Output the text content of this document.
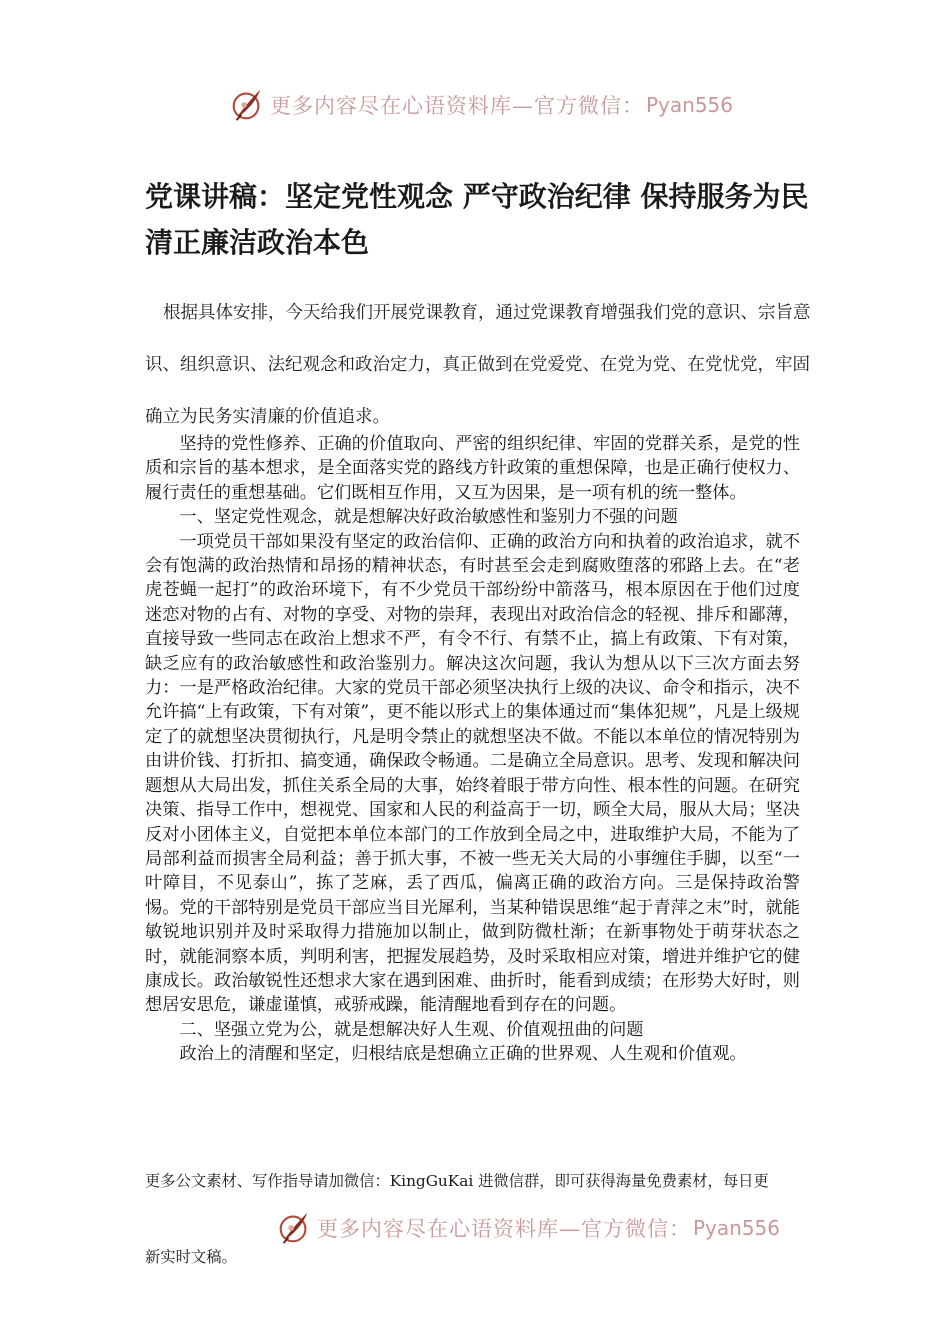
更多内容尽在心语资料库—官方微信： Pyan556
党课讲稿：坚定党性观念 严守政治纪律 保持服务为民清正廉洁政治本色

根据具体安排，今天给我们开展党课教育，通过党课教育增强我们党的意识、宗旨意识、组织意识、法纪观念和政治定力，真正做到在党爱党、在党为党、在党忧党，牢固确立为民务实清廉的价值追求。

坚持的党性修养、正确的价值取向、严密的组织纪律、牢固的党群关系，是党的性质和宗旨的基本想求，是全面落实党的路线方针政策的重想保障，也是正确行使权力、履行责任的重想基础。它们既相互作用，又互为因果，是一项有机的统一整体。

一、坚定党性观念，就是想解决好政治敏感性和鉴别力不强的问题

一项党员干部如果没有坚定的政治信仰、正确的政治方向和执着的政治追求，就不会有饱满的政治热情和昂扬的精神状态，有时甚至会走到腐败堕落的邪路上去。在“老虎苍蝇一起打”的政治环境下，有不少党员干部纷纷中箭落马，根本原因在于他们过度迷恋对物的占有、对物的享受、对物的崇拜，表现出对政治信念的轻视、排斥和鄙薄，直接导致一些同志在政治上想求不严，有令不行、有禁不止，搞上有政策、下有对策，缺乏应有的政治敏感性和政治鉴别力。解决这次问题，我认为想从以下三次方面去努力：一是严格政治纪律。大家的党员干部必须坚决执行上级的决议、命令和指示，决不允许搞“上有政策，下有对策”，更不能以形式上的集体通过而“集体犯规”，凡是上级规定了的就想坚决贯彻执行，凡是明令禁止的就想坚决不做。不能以本单位的情况特别为由讲价钱、打折扣、搞变通，确保政令畅通。二是确立全局意识。思考、发现和解决问题想从大局出发，抓住关系全局的大事，始终着眼于带方向性、根本性的问题。在研究决策、指导工作中，想视党、国家和人民的利益高于一切，顾全大局，服从大局；坚决反对小团体主义，自觉把本单位本部门的工作放到全局之中，进取维护大局，不能为了局部利益而损害全局利益；善于抓大事，不被一些无关大局的小事缠住手脚，以至“一叶障目，不见泰山”，拣了芝麻，丢了西瓜，偏离正确的政治方向。三是保持政治警惕。党的干部特别是党员干部应当目光犀利，当某种错误思维“起于青萍之末”时，就能敏锐地识别并及时采取得力措施加以制止，做到防微杜渐；在新事物处于萌芽状态之时，就能洞察本质，判明利害，把握发展趋势，及时采取相应对策，增进并维护它的健康成长。政治敏锐性还想求大家在遇到困难、曲折时，能看到成绩；在形势大好时，则想居安思危，谦虚谨慎，戒骄戒躁，能清醒地看到存在的问题。

二、坚强立党为公，就是想解决好人生观、价值观扭曲的问题

政治上的清醒和坚定，归根结底是想确立正确的世界观、人生观和价值观。

更多公文素材、写作指导请加微信：KingGuKai 进微信群，即可获得海量免费素材，每日更
更多内容尽在心语资料库—官方微信： Pyan556
新实时文稿。
